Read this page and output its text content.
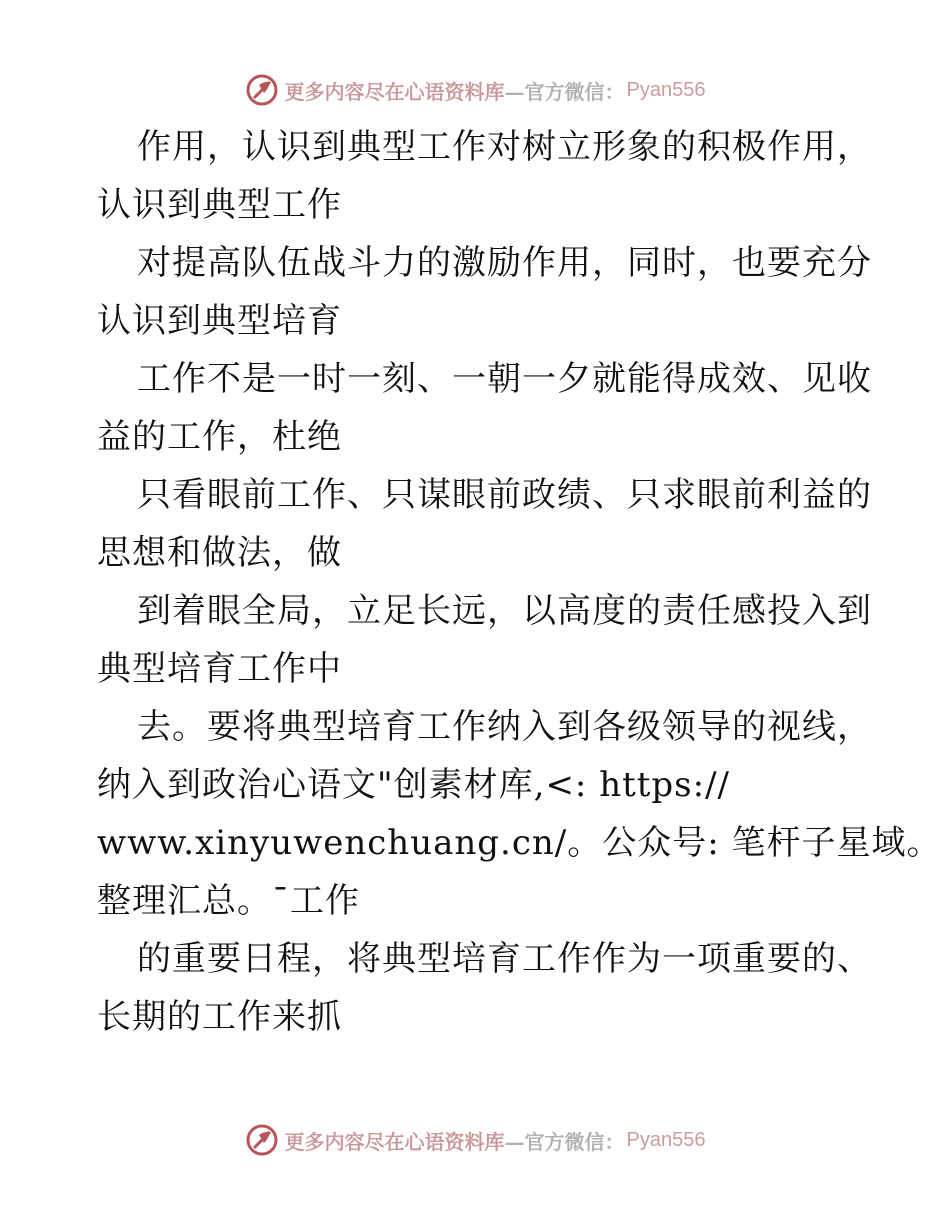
更多内容尽在心语资料库 —官方微信： Pyan556
作用，认识到典型工作对树立形象的积极作用，
认识到典型工作
对提高队伍战斗力的激励作用，同时，也要充分
认识到典型培育
工作不是一时一刻、一朝一夕就能得成效、见收
益的工作，杜绝
只看眼前工作、只谋眼前政绩、只求眼前利益的
思想和做法，做
到着眼全局，立足长远，以高度的责任感投入到
典型培育工作中
去。要将典型培育工作纳入到各级领导的视线，
纳入到政治心语文"创素材库,<: https://
www.xinyuwenchuang.cn/。公众号: 笔杆子星域。
整理汇总。¯工作
的重要日程，将典型培育工作作为一项重要的、
长期的工作来抓
更多内容尽在心语资料库 —官方微信： Pyan556
